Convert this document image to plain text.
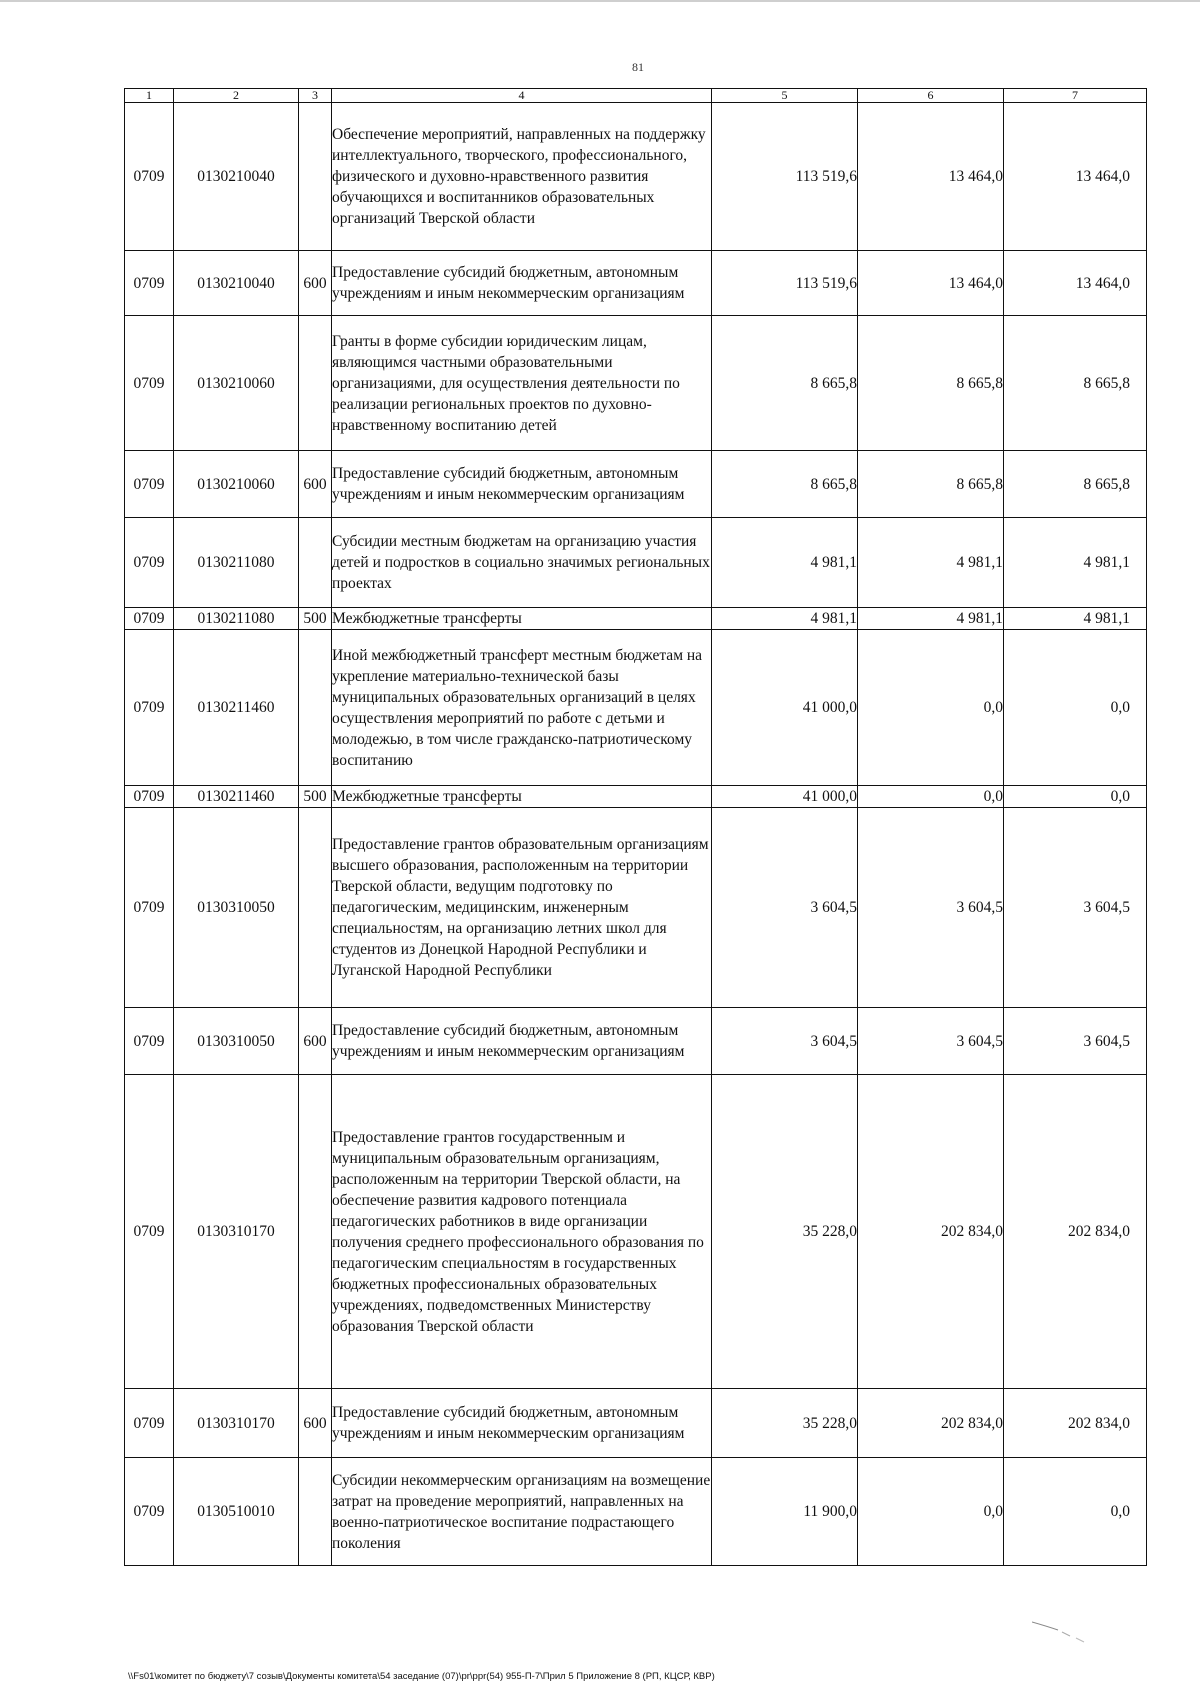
81
1	2	3	4	5	6	7
0709	0130210040		Обеспечение мероприятий, направленных на поддержку интеллектуального, творческого, профессионального, физического и духовно-нравственного развития обучающихся и воспитанников образовательных организаций Тверской области	113 519,6	13 464,0	13 464,0
0709	0130210040	600	Предоставление субсидий бюджетным, автономным учреждениям и иным некоммерческим организациям	113 519,6	13 464,0	13 464,0
0709	0130210060		Гранты в форме субсидии юридическим лицам, являющимся частными образовательными организациями, для осуществления деятельности по реализации региональных проектов по духовно-нравственному воспитанию детей	8 665,8	8 665,8	8 665,8
0709	0130210060	600	Предоставление субсидий бюджетным, автономным учреждениям и иным некоммерческим организациям	8 665,8	8 665,8	8 665,8
0709	0130211080		Субсидии местным бюджетам на организацию участия детей и подростков в социально значимых региональных проектах	4 981,1	4 981,1	4 981,1
0709	0130211080	500	Межбюджетные трансферты	4 981,1	4 981,1	4 981,1
0709	0130211460		Иной межбюджетный трансферт местным бюджетам на укрепление материально-технической базы муниципальных образовательных организаций в целях осуществления мероприятий по работе с детьми и молодежью, в том числе гражданско-патриотическому воспитанию	41 000,0	0,0	0,0
0709	0130211460	500	Межбюджетные трансферты	41 000,0	0,0	0,0
0709	0130310050		Предоставление грантов образовательным организациям высшего образования, расположенным на территории Тверской области, ведущим подготовку по педагогическим, медицинским, инженерным специальностям, на организацию летних школ для студентов из Донецкой Народной Республики и Луганской Народной Республики	3 604,5	3 604,5	3 604,5
0709	0130310050	600	Предоставление субсидий бюджетным, автономным учреждениям и иным некоммерческим организациям	3 604,5	3 604,5	3 604,5
0709	0130310170		Предоставление грантов государственным и муниципальным образовательным организациям, расположенным на территории Тверской области, на обеспечение развития кадрового потенциала педагогических работников в виде организации получения среднего профессионального образования по педагогическим специальностям в государственных бюджетных профессиональных образовательных учреждениях, подведомственных Министерству образования Тверской области	35 228,0	202 834,0	202 834,0
0709	0130310170	600	Предоставление субсидий бюджетным, автономным учреждениям и иным некоммерческим организациям	35 228,0	202 834,0	202 834,0
0709	0130510010		Субсидии некоммерческим организациям на возмещение затрат на проведение мероприятий, направленных на военно-патриотическое воспитание подрастающего поколения	11 900,0	0,0	0,0
\\Fs01\комитет по бюджету\7 созыв\Документы комитета\54 заседание (07)\pr\ppr(54) 955-П-7\Прил 5 Приложение 8 (РП, КЦСР, КВР)
